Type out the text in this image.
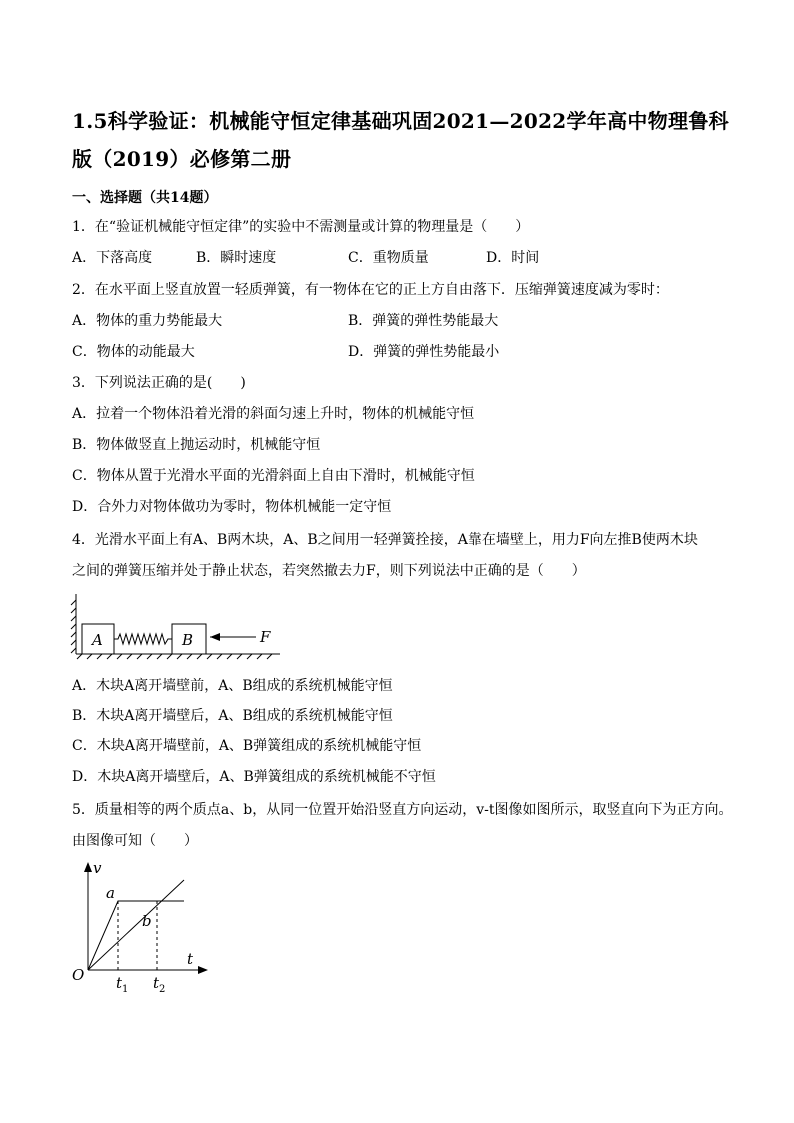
1.5科学验证：机械能守恒定律基础巩固2021—2022学年高中物理鲁科版（2019）必修第二册
一、选择题（共14题）
1．在“验证机械能守恒定律”的实验中不需测量或计算的物理量是（　　）
A．下落高度	B．瞬时速度	C．重物质量	D．时间
2．在水平面上竖直放置一轻质弹簧，有一物体在它的正上方自由落下．压缩弹簧速度减为零时：
A．物体的重力势能最大	B．弹簧的弹性势能最大
C．物体的动能最大	D．弹簧的弹性势能最小
3．下列说法正确的是(　　)
A．拉着一个物体沿着光滑的斜面匀速上升时，物体的机械能守恒
B．物体做竖直上抛运动时，机械能守恒
C．物体从置于光滑水平面的光滑斜面上自由下滑时，机械能守恒
D．合外力对物体做功为零时，物体机械能一定守恒
4．光滑水平面上有A、B两木块，A、B之间用一轻弹簧拴接，A靠在墙壁上，用力F向左推B使两木块
之间的弹簧压缩并处于静止状态，若突然撤去力F，则下列说法中正确的是（　　）
A	B	F
A．木块A离开墙壁前，A、B组成的系统机械能守恒
B．木块A离开墙壁后，A、B组成的系统机械能守恒
C．木块A离开墙壁前，A、B弹簧组成的系统机械能守恒
D．木块A离开墙壁后，A、B弹簧组成的系统机械能不守恒
5．质量相等的两个质点a、b，从同一位置开始沿竖直方向运动，v-t图像如图所示，取竖直向下为正方向。
由图像可知（　　）
v
t
O
a
b
$t_1$ $t_2$
